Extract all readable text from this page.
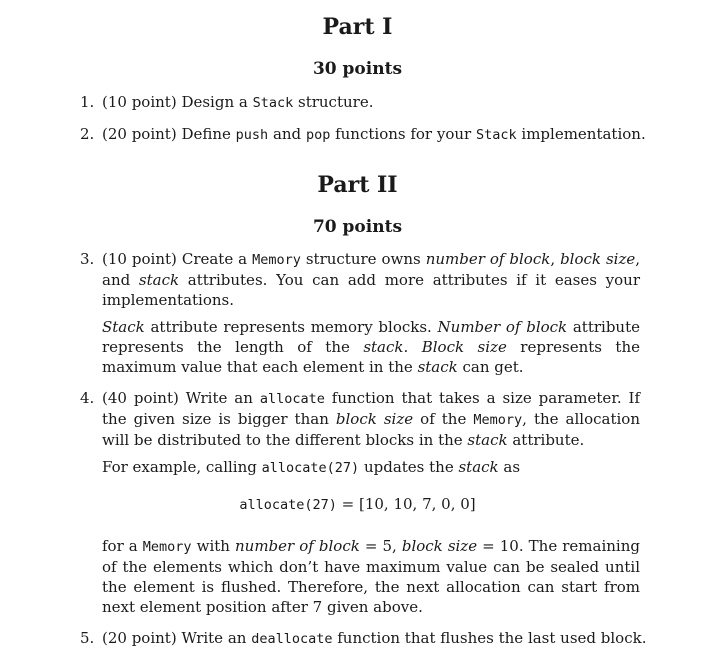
Part I
30 points
1. (10 point) Design a Stack structure.
2. (20 point) Define push and pop functions for your Stack implementation.
Part II
70 points
3. (10 point) Create a Memory structure owns number of block, block size, and stack attributes. You can add more attributes if it eases your implementations.
Stack attribute represents memory blocks. Number of block attribute represents the length of the stack. Block size represents the maximum value that each element in the stack can get.
4. (40 point) Write an allocate function that takes a size parameter. If the given size is bigger than block size of the Memory, the allocation will be distributed to the different blocks in the stack attribute.
For example, calling allocate(27) updates the stack as
allocate(27) = [10, 10, 7, 0, 0]
for a Memory with number of block = 5, block size = 10. The remaining of the elements which don’t have maximum value can be sealed until the element is flushed. Therefore, the next allocation can start from next element position after 7 given above.
5. (20 point) Write an deallocate function that flushes the last used block.
